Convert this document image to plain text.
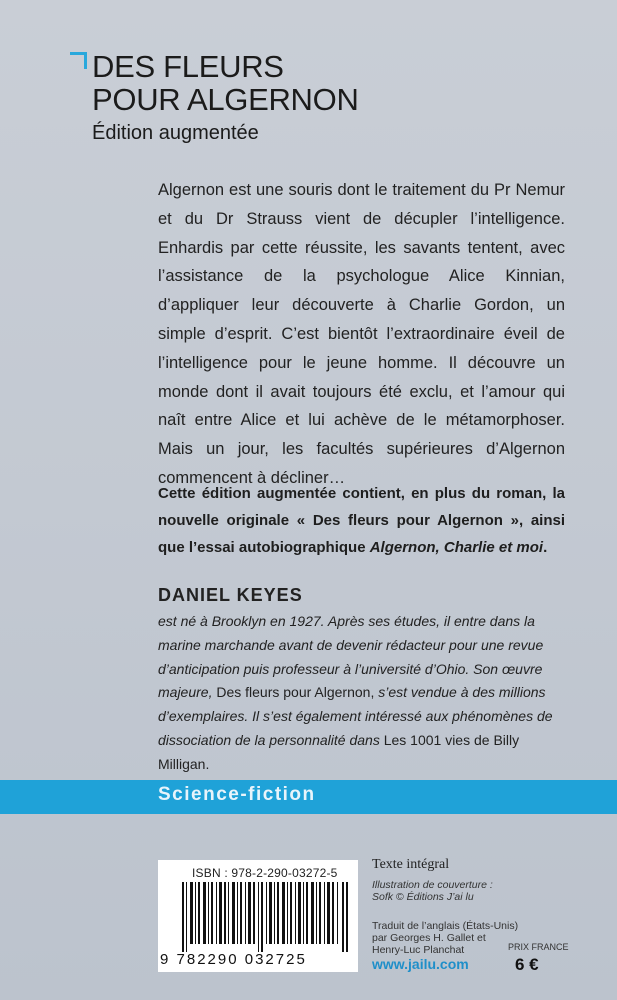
DES FLEURS
POUR ALGERNON
Édition augmentée
Algernon est une souris dont le traitement du Pr Nemur et du Dr Strauss vient de décupler l’intelligence. Enhardis par cette réussite, les savants tentent, avec l’assistance de la psychologue Alice Kinnian, d’appliquer leur découverte à Charlie Gordon, un simple d’esprit. C’est bientôt l’extraordinaire éveil de l’intelligence pour le jeune homme. Il découvre un monde dont il avait toujours été exclu, et l’amour qui naît entre Alice et lui achève de le métamorphoser. Mais un jour, les facultés supérieures d’Algernon commencent à décliner…
Cette édition augmentée contient, en plus du roman, la nouvelle originale « Des fleurs pour Algernon », ainsi que l’essai autobiographique Algernon, Charlie et moi.
DANIEL KEYES
est né à Brooklyn en 1927. Après ses études, il entre dans la marine marchande avant de devenir rédacteur pour une revue d’anticipation puis professeur à l’université d’Ohio. Son œuvre majeure, Des fleurs pour Algernon, s’est vendue à des millions d’exemplaires. Il s’est également intéressé aux phénomènes de dissociation de la personnalité dans Les 1001 vies de Billy Milligan.
Science-fiction
ISBN : 978-2-290-03272-5
9 782290 032725
Texte intégral
Illustration de couverture :
Sofk © Éditions J’ai lu
Traduit de l’anglais (États-Unis)
par Georges H. Gallet et
Henry-Luc Planchat
www.jailu.com
PRIX FRANCE
6 €
